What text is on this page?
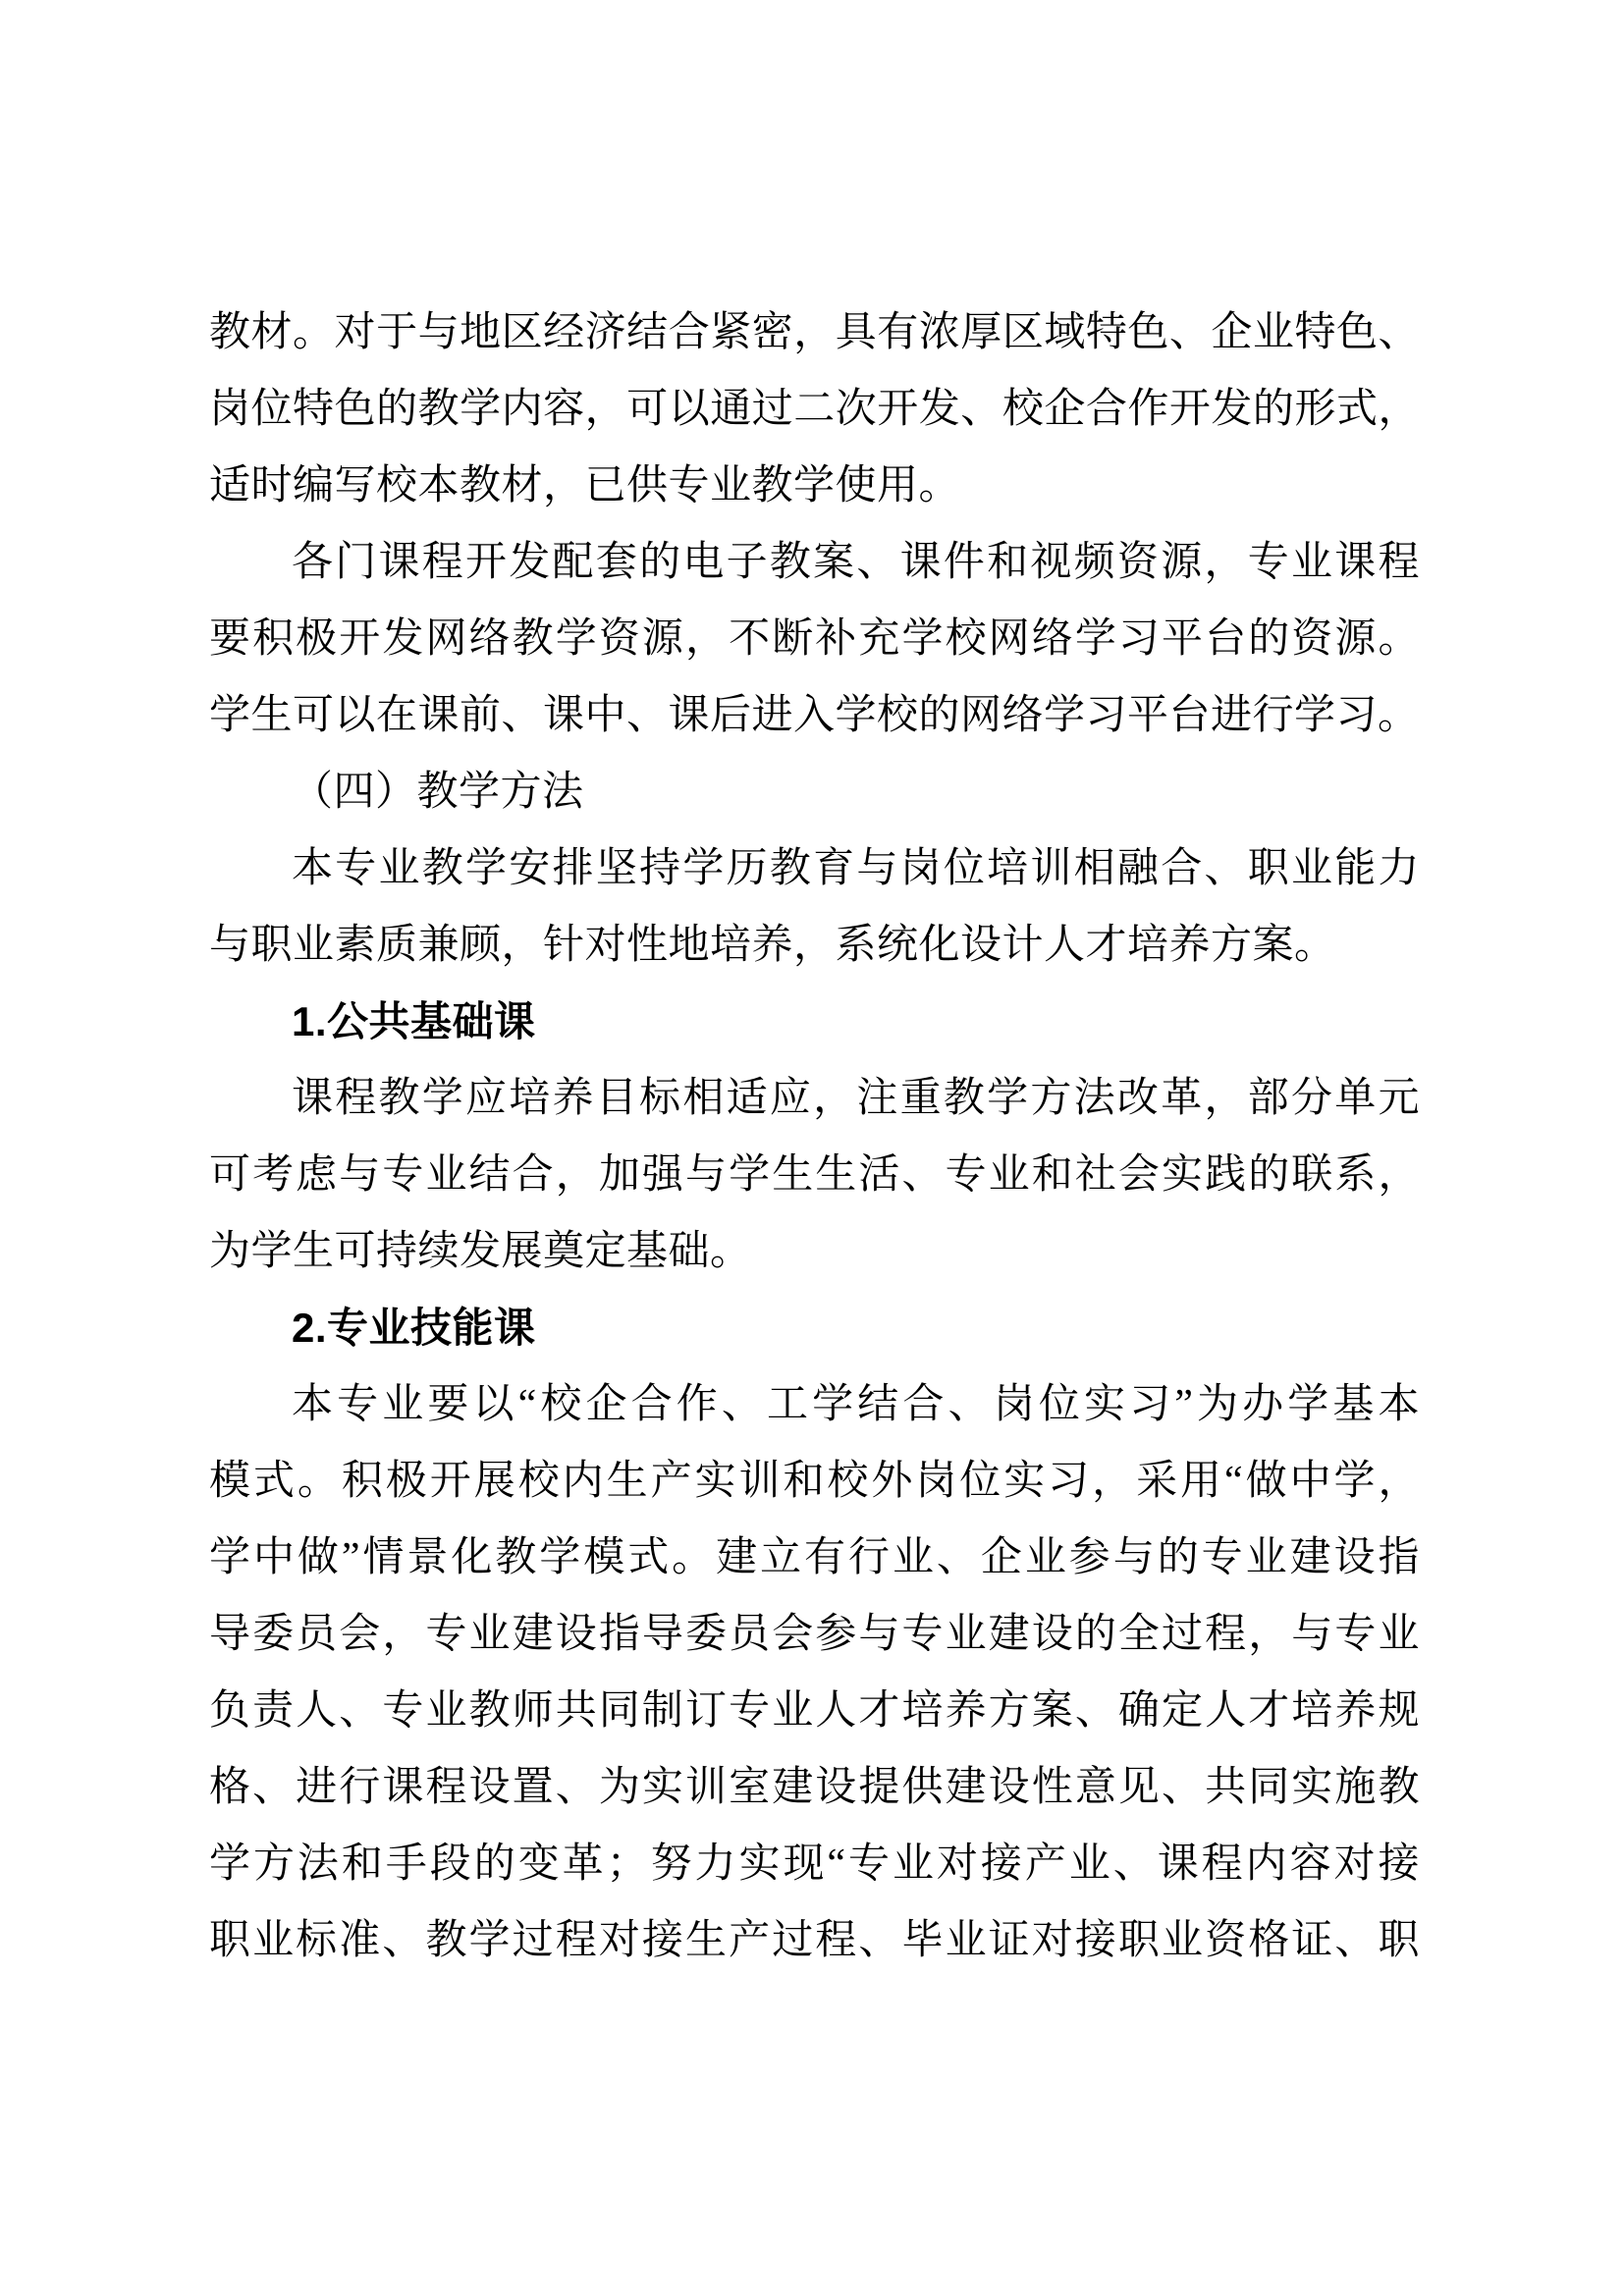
教材。对于与地区经济结合紧密，具有浓厚区域特色、企业特色、
岗位特色的教学内容，可以通过二次开发、校企合作开发的形式，
适时编写校本教材，已供专业教学使用。
各门课程开发配套的电子教案、课件和视频资源，专业课程
要积极开发网络教学资源，不断补充学校网络学习平台的资源。
学生可以在课前、课中、课后进入学校的网络学习平台进行学习。
（四）教学方法
本专业教学安排坚持学历教育与岗位培训相融合、职业能力
与职业素质兼顾，针对性地培养，系统化设计人才培养方案。
1.公共基础课
课程教学应培养目标相适应，注重教学方法改革，部分单元
可考虑与专业结合，加强与学生生活、专业和社会实践的联系，
为学生可持续发展奠定基础。
2.专业技能课
本专业要以“校企合作、工学结合、岗位实习”为办学基本
模式。积极开展校内生产实训和校外岗位实习，采用“做中学，
学中做”情景化教学模式。建立有行业、企业参与的专业建设指
导委员会，专业建设指导委员会参与专业建设的全过程，与专业
负责人、专业教师共同制订专业人才培养方案、确定人才培养规
格、进行课程设置、为实训室建设提供建设性意见、共同实施教
学方法和手段的变革；努力实现“专业对接产业、课程内容对接
职业标准、教学过程对接生产过程、毕业证对接职业资格证、职
